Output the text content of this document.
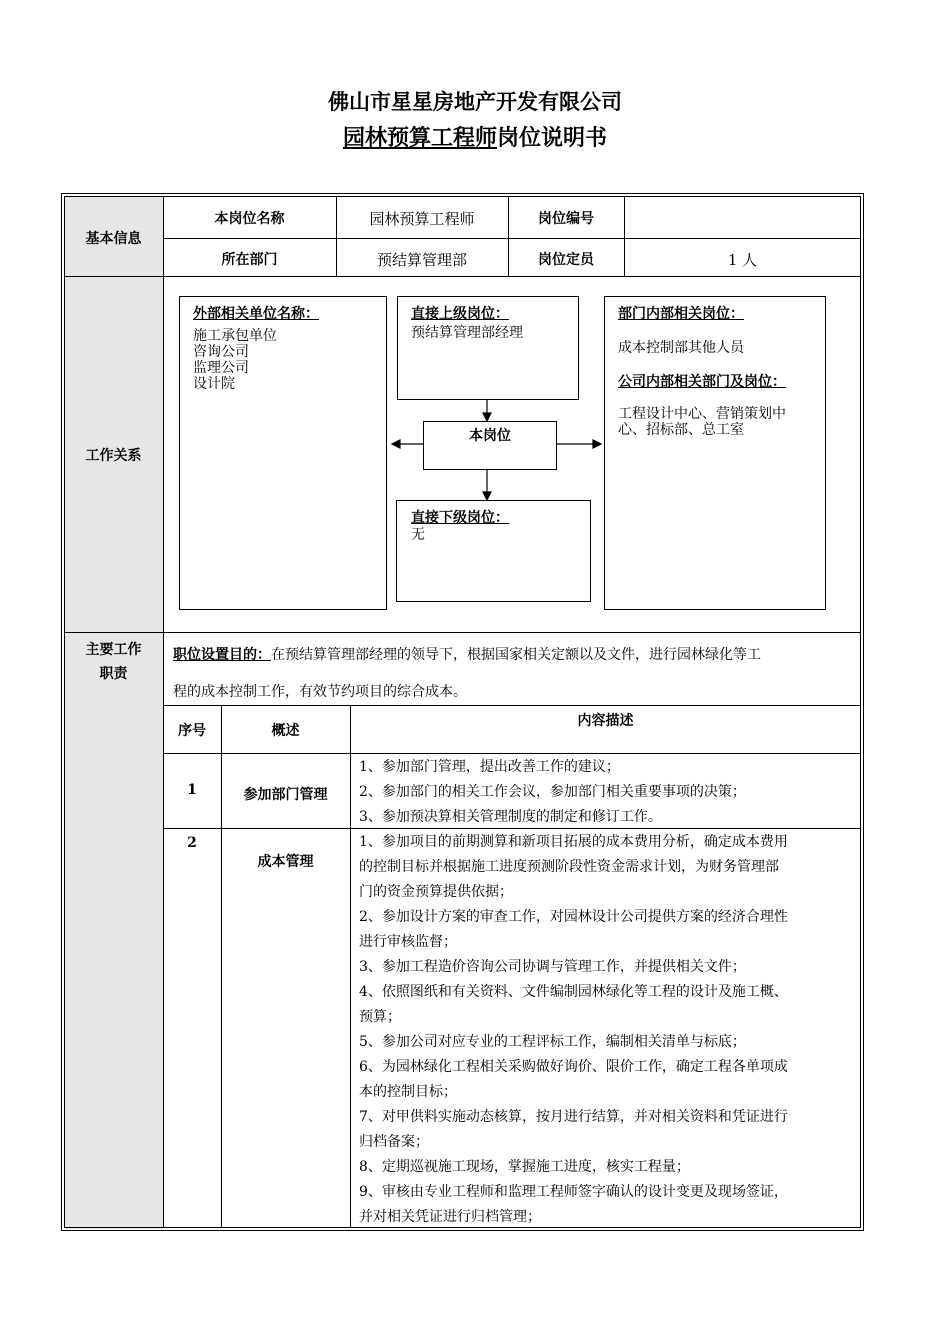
佛山市星星房地产开发有限公司
园林预算工程师岗位说明书
基本信息
本岗位名称	园林预算工程师	岗位编号
所在部门	预结算管理部	岗位定员	1 人
工作关系
外部相关单位名称：
施工承包单位
咨询公司
监理公司
设计院
直接上级岗位：
预结算管理部经理
本岗位
直接下级岗位：
无
部门内部相关岗位：
成本控制部其他人员
公司内部相关部门及岗位：
工程设计中心、营销策划中
心、招标部、总工室
主要工作
职责
职位设置目的：在预结算管理部经理的领导下，根据国家相关定额以及文件，进行园林绿化等工
程的成本控制工作，有效节约项目的综合成本。
序号	概述
内容描述
1	参加部门管理
1、参加部门管理，提出改善工作的建议；
2、参加部门的相关工作会议，参加部门相关重要事项的决策；
3、参加预决算相关管理制度的制定和修订工作。
2
成本管理
1、参加项目的前期测算和新项目拓展的成本费用分析，确定成本费用
的控制目标并根据施工进度预测阶段性资金需求计划，为财务管理部
门的资金预算提供依据；
2、参加设计方案的审查工作，对园林设计公司提供方案的经济合理性
进行审核监督；
3、参加工程造价咨询公司协调与管理工作，并提供相关文件；
4、依照图纸和有关资料、文件编制园林绿化等工程的设计及施工概、
预算；
5、参加公司对应专业的工程评标工作，编制相关清单与标底；
6、为园林绿化工程相关采购做好询价、限价工作，确定工程各单项成
本的控制目标；
7、对甲供料实施动态核算，按月进行结算，并对相关资料和凭证进行
归档备案；
8、定期巡视施工现场，掌握施工进度，核实工程量；
9、审核由专业工程师和监理工程师签字确认的设计变更及现场签证，
并对相关凭证进行归档管理；
